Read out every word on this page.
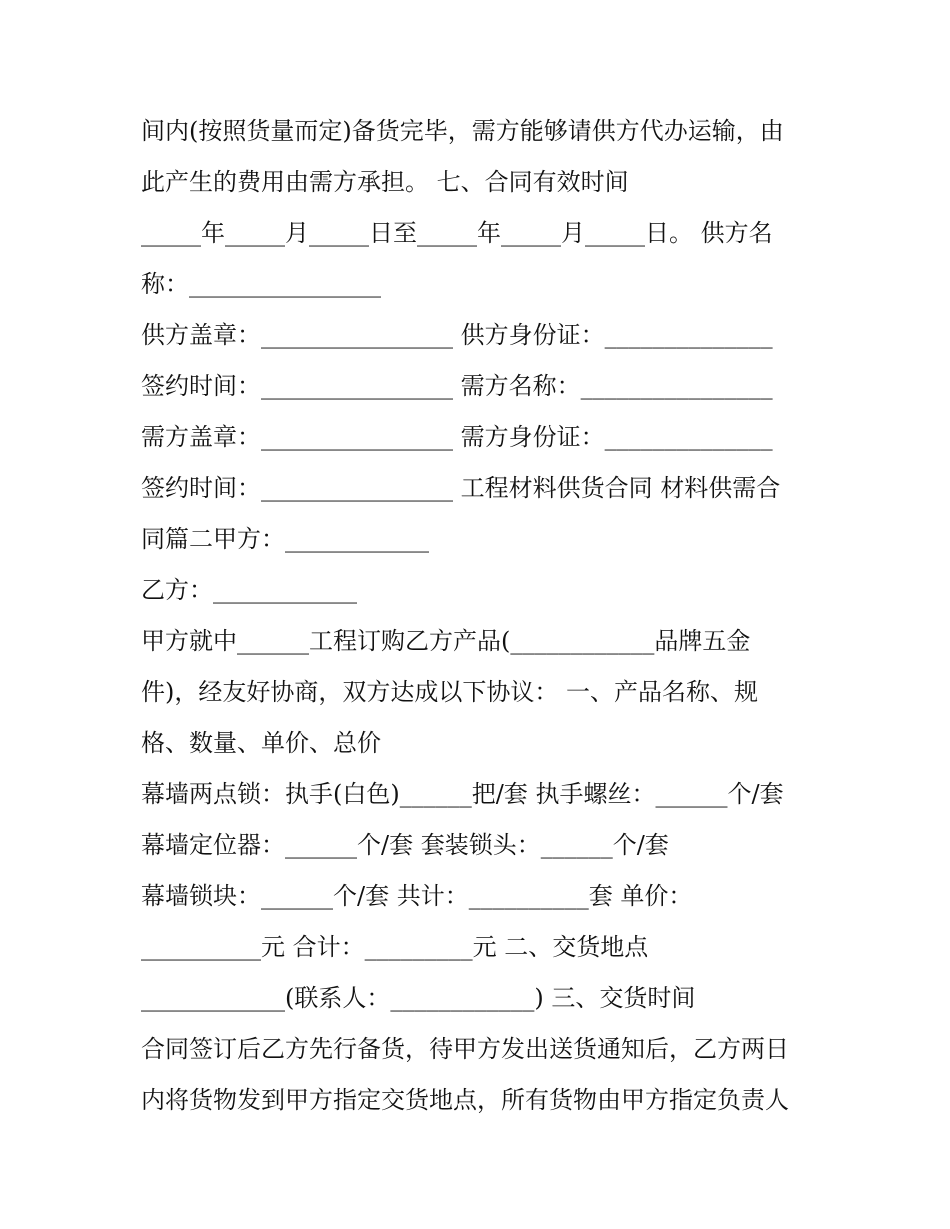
间内(按照货量而定)备货完毕，需方能够请供方代办运输，由
此产生的费用由需方承担。 七、合同有效时间
_____年_____月_____日至_____年_____月_____日。 供方名
称：________________
供方盖章：________________ 供方身份证：______________
签约时间：________________ 需方名称：________________
需方盖章：________________ 需方身份证：______________
签约时间：________________ 工程材料供货合同 材料供需合
同篇二甲方：____________
乙方：____________
甲方就中______工程订购乙方产品(____________品牌五金
件)，经友好协商，双方达成以下协议： 一、产品名称、规
格、数量、单价、总价
幕墙两点锁：执手(白色)______把/套 执手螺丝：______个/套
幕墙定位器：______个/套 套装锁头：______个/套
幕墙锁块：______个/套 共计：__________套 单价：
__________元 合计：_________元 二、交货地点
____________(联系人：____________) 三、交货时间
合同签订后乙方先行备货，待甲方发出送货通知后，乙方两日
内将货物发到甲方指定交货地点，所有货物由甲方指定负责人
